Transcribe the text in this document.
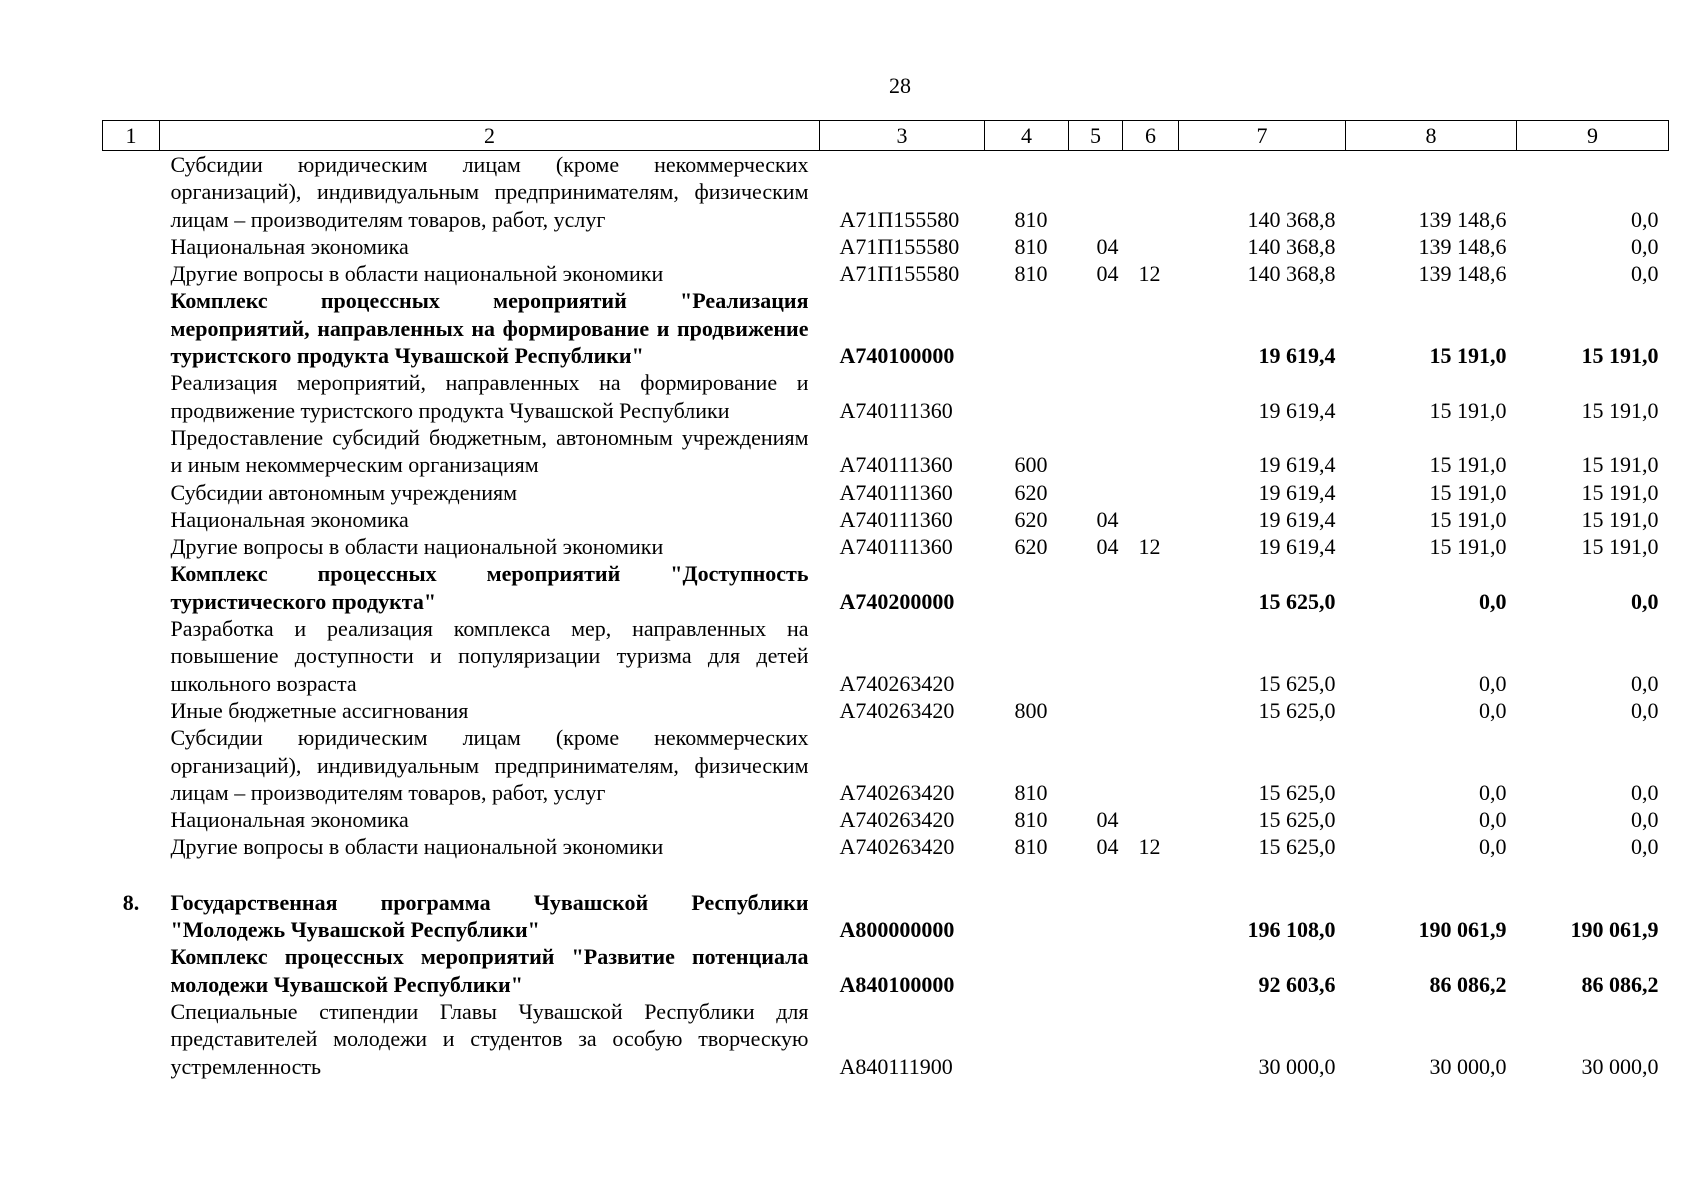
28
1	2	3	4	5	6	7	8	9
	Субсидии юридическим лицам (кроме некоммерческих организаций), индивидуальным предпринимателям, физическим лицам – производителям товаров, работ, услуг	А71П155580	810			140 368,8	139 148,6	0,0
	Национальная экономика	А71П155580	810	04		140 368,8	139 148,6	0,0
	Другие вопросы в области национальной экономики	А71П155580	810	04	12	140 368,8	139 148,6	0,0
	Комплекс процессных мероприятий "Реализация мероприятий, направленных на формирование и продвижение туристского продукта Чувашской Республики"	А740100000				19 619,4	15 191,0	15 191,0
	Реализация мероприятий, направленных на формирование и продвижение туристского продукта Чувашской Республики	А740111360				19 619,4	15 191,0	15 191,0
	Предоставление субсидий бюджетным, автономным учреждениям и иным некоммерческим организациям	А740111360	600			19 619,4	15 191,0	15 191,0
	Субсидии автономным учреждениям	А740111360	620			19 619,4	15 191,0	15 191,0
	Национальная экономика	А740111360	620	04		19 619,4	15 191,0	15 191,0
	Другие вопросы в области национальной экономики	А740111360	620	04	12	19 619,4	15 191,0	15 191,0
	Комплекс процессных мероприятий "Доступность туристического продукта"	А740200000				15 625,0	0,0	0,0
	Разработка и реализация комплекса мер, направленных на повышение доступности и популяризации туризма для детей школьного возраста	А740263420				15 625,0	0,0	0,0
	Иные бюджетные ассигнования	А740263420	800			15 625,0	0,0	0,0
	Субсидии юридическим лицам (кроме некоммерческих организаций), индивидуальным предпринимателям, физическим лицам – производителям товаров, работ, услуг	А740263420	810			15 625,0	0,0	0,0
	Национальная экономика	А740263420	810	04		15 625,0	0,0	0,0
	Другие вопросы в области национальной экономики	А740263420	810	04	12	15 625,0	0,0	0,0

8.	Государственная программа Чувашской Республики "Молодежь Чувашской Республики"	А800000000				196 108,0	190 061,9	190 061,9
	Комплекс процессных мероприятий "Развитие потенциала молодежи Чувашской Республики"	А840100000				92 603,6	86 086,2	86 086,2
	Специальные стипендии Главы Чувашской Республики для представителей молодежи и студентов за особую творческую устремленность	А840111900				30 000,0	30 000,0	30 000,0
